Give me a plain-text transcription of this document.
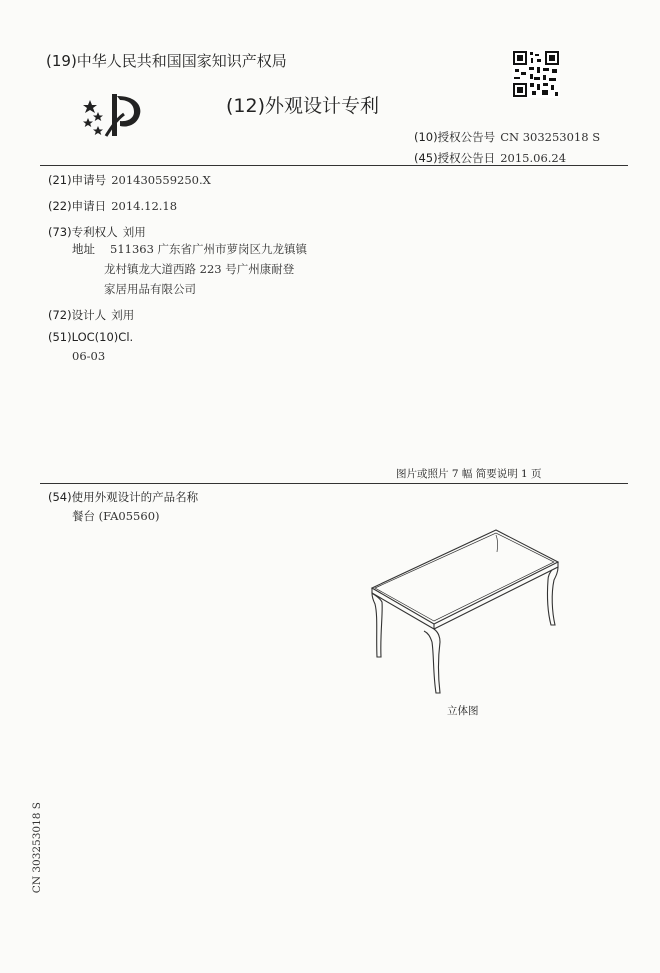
(19)中华人民共和国国家知识产权局
(12)外观设计专利
(10)授权公告号 CN 303253018 S
(45)授权公告日 2015.06.24
(21)申请号 201430559250.X
(22)申请日 2014.12.18
(73)专利权人 刘用
地址 511363 广东省广州市萝岗区九龙镇镇
龙村镇龙大道西路 223 号广州康耐登
家居用品有限公司
(72)设计人 刘用
(51)LOC(10)Cl.
06-03
图片或照片 7 幅 简要说明 1 页
(54)使用外观设计的产品名称
餐台 (FA05560)
立体图
CN 303253018 S
